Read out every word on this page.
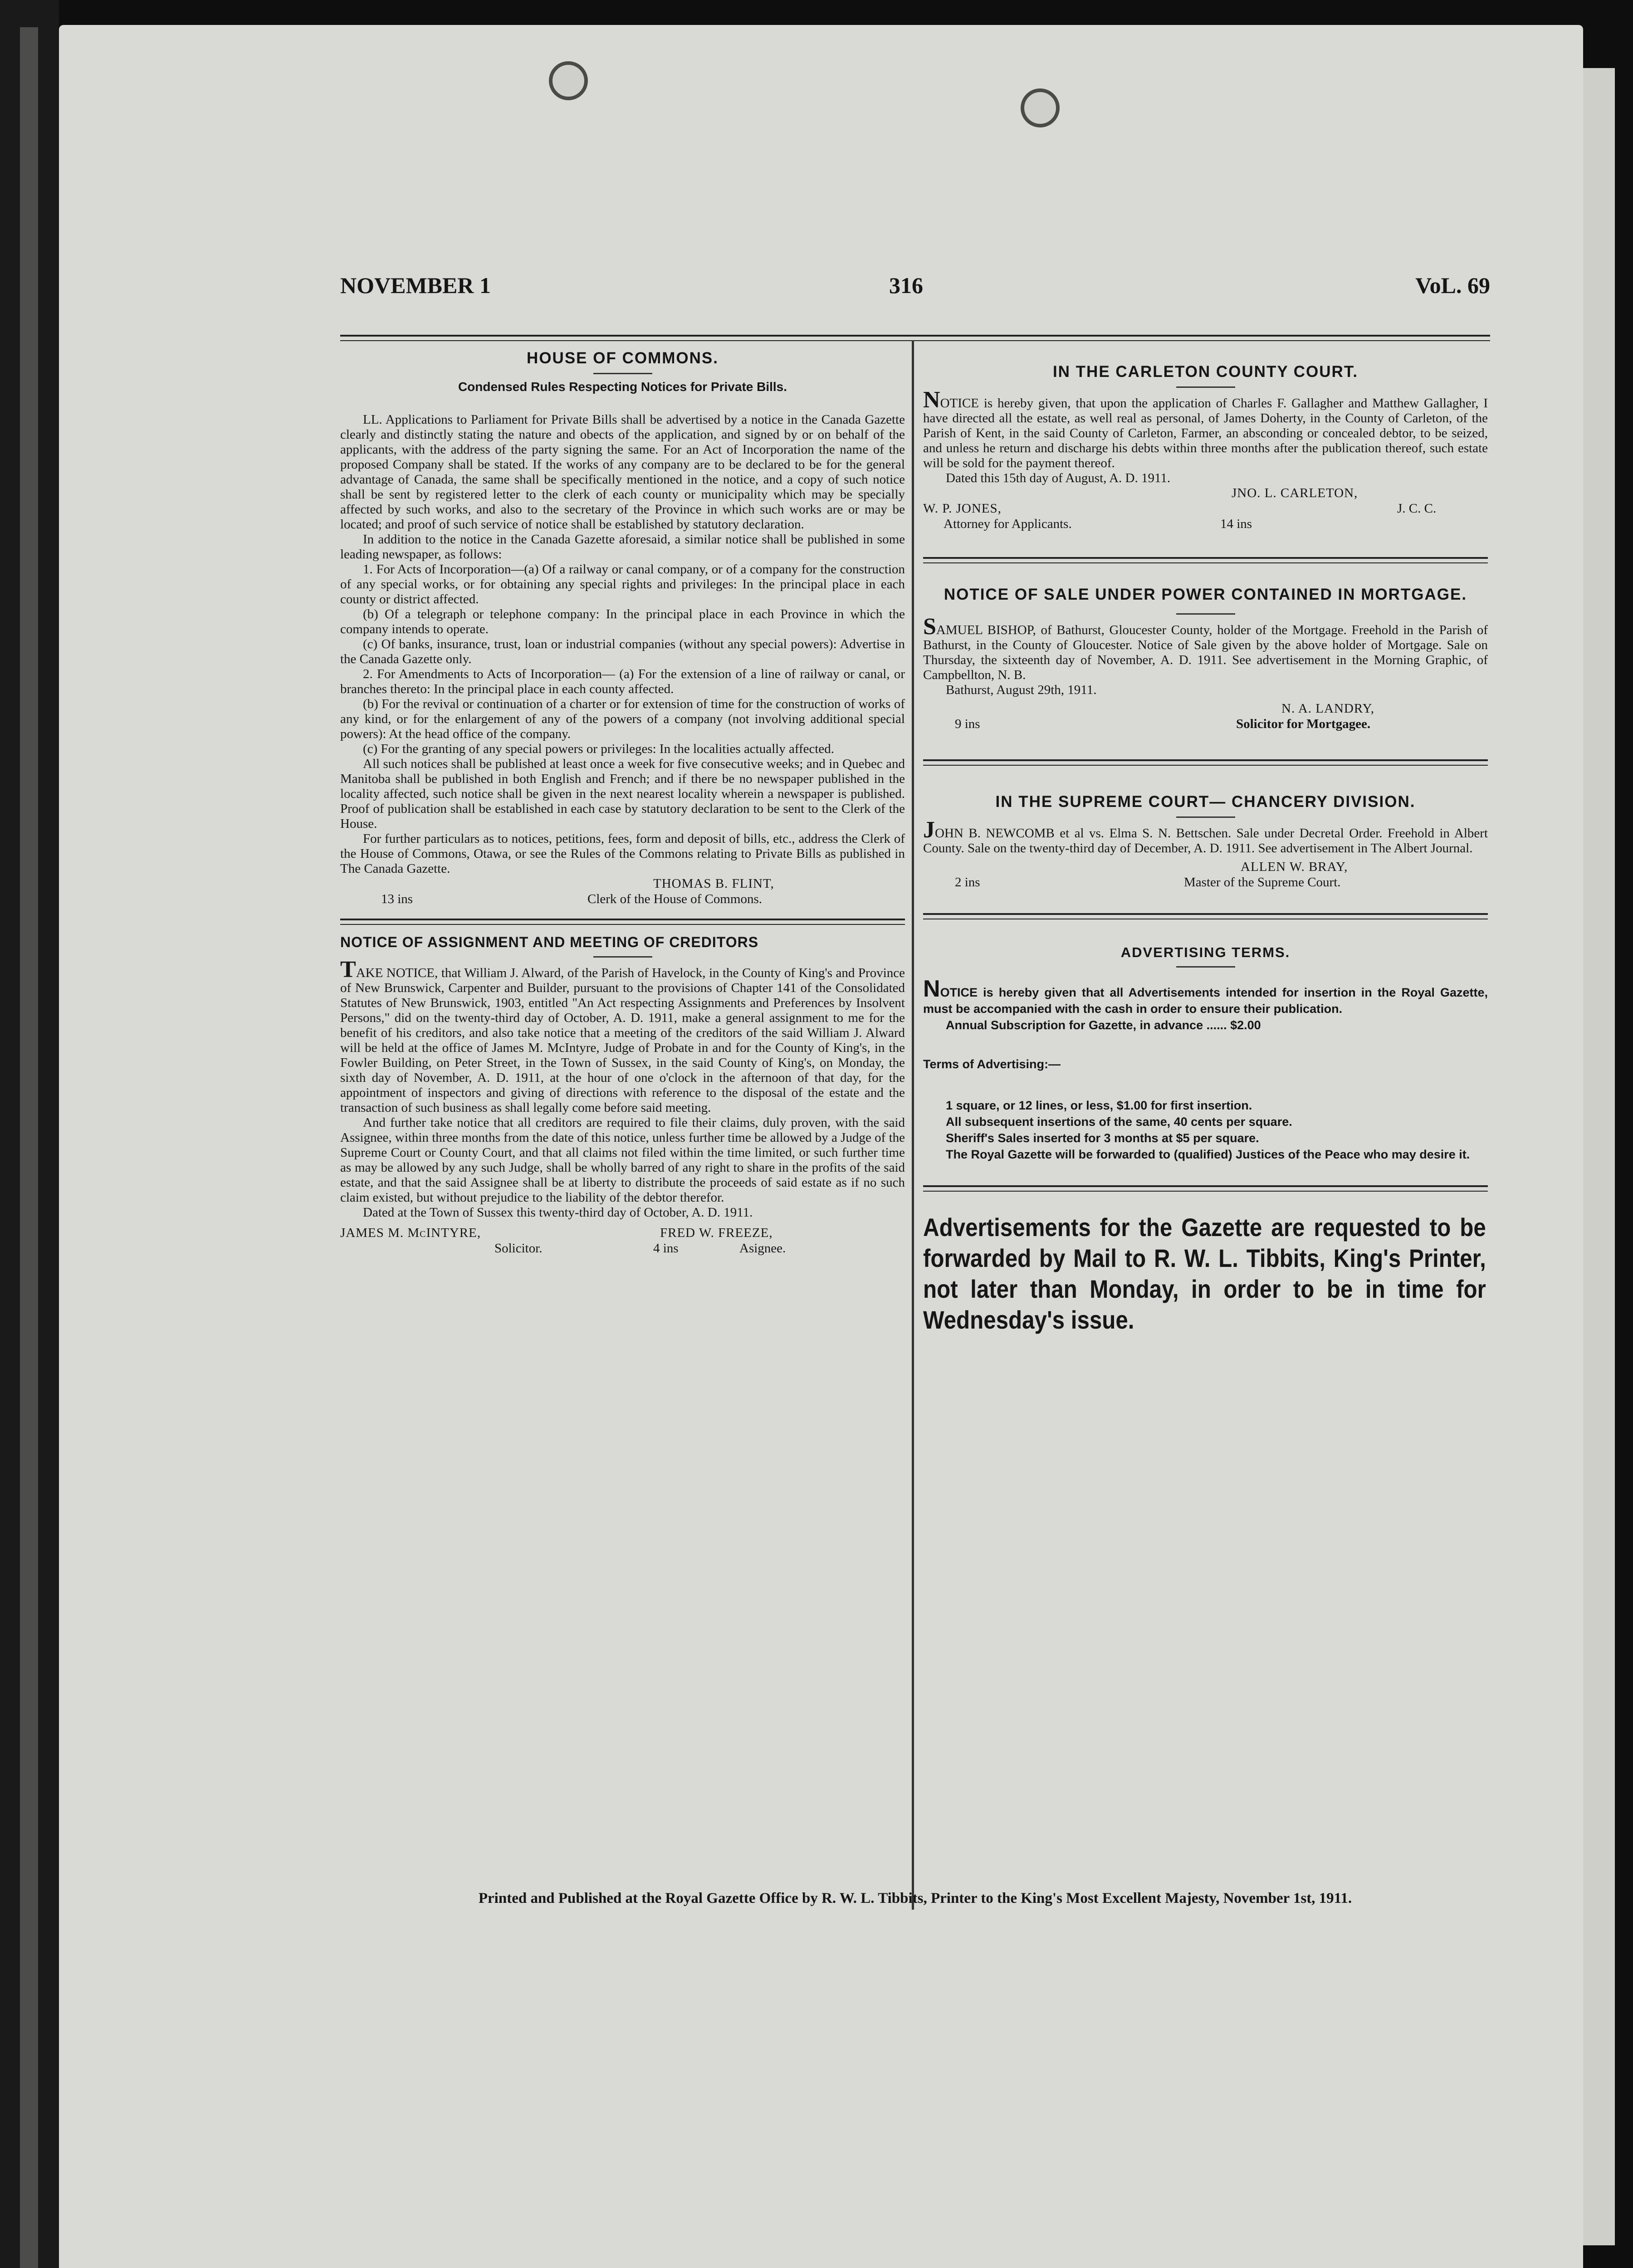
NOVEMBER 1	316	VoL. 69

HOUSE OF COMMONS.

Condensed Rules Respecting Notices for Private Bills.

LL. Applications to Parliament for Private Bills shall be advertised by a notice in the Canada Gazette clearly and distinctly stating the nature and obects of the application, and signed by or on behalf of the applicants, with the address of the party signing the same. For an Act of Incorporation the name of the proposed Company shall be stated. If the works of any company are to be declared to be for the general advantage of Canada, the same shall be specifically mentioned in the notice, and a copy of such notice shall be sent by registered letter to the clerk of each county or municipality which may be specially affected by such works, and also to the secretary of the Province in which such works are or may be located; and proof of such service of notice shall be established by statutory declaration.

In addition to the notice in the Canada Gazette aforesaid, a similar notice shall be published in some leading newspaper, as follows:

1. For Acts of Incorporation—(a) Of a railway or canal company, or of a company for the construction of any special works, or for obtaining any special rights and privileges: In the principal place in each county or district affected.

(b) Of a telegraph or telephone company: In the principal place in each Province in which the company intends to operate.

(c) Of banks, insurance, trust, loan or industrial companies (without any special powers): Advertise in the Canada Gazette only.

2. For Amendments to Acts of Incorporation— (a) For the extension of a line of railway or canal, or branches thereto: In the principal place in each county affected.

(b) For the revival or continuation of a charter or for extension of time for the construction of works of any kind, or for the enlargement of any of the powers of a company (not involving additional special powers): At the head office of the company.

(c) For the granting of any special powers or privileges: In the localities actually affected.

All such notices shall be published at least once a week for five consecutive weeks; and in Quebec and Manitoba shall be published in both English and French; and if there be no newspaper published in the locality affected, such notice shall be given in the next nearest locality wherein a newspaper is published. Proof of publication shall be established in each case by statutory declaration to be sent to the Clerk of the House.

For further particulars as to notices, petitions, fees, form and deposit of bills, etc., address the Clerk of the House of Commons, Otawa, or see the Rules of the Commons relating to Private Bills as published in The Canada Gazette.

THOMAS B. FLINT,
13 ins	Clerk of the House of Commons.

NOTICE OF ASSIGNMENT AND MEETING OF CREDITORS

TAKE NOTICE, that William J. Alward, of the Parish of Havelock, in the County of King's and Province of New Brunswick, Carpenter and Builder, pursuant to the provisions of Chapter 141 of the Consolidated Statutes of New Brunswick, 1903, entitled "An Act respecting Assignments and Preferences by Insolvent Persons," did on the twenty-third day of October, A. D. 1911, make a general assignment to me for the benefit of his creditors, and also take notice that a meeting of the creditors of the said William J. Alward will be held at the office of James M. McIntyre, Judge of Probate in and for the County of King's, in the Fowler Building, on Peter Street, in the Town of Sussex, in the said County of King's, on Monday, the sixth day of November, A. D. 1911, at the hour of one o'clock in the afternoon of that day, for the appointment of inspectors and giving of directions with reference to the disposal of the estate and the transaction of such business as shall legally come before said meeting.

And further take notice that all creditors are required to file their claims, duly proven, with the said Assignee, within three months from the date of this notice, unless further time be allowed by a Judge of the Supreme Court or County Court, and that all claims not filed within the time limited, or such further time as may be allowed by any such Judge, shall be wholly barred of any right to share in the profits of the said estate, and that the said Assignee shall be at liberty to distribute the proceeds of said estate as if no such claim existed, but without prejudice to the liability of the debtor therefor.

Dated at the Town of Sussex this twenty-third day of October, A. D. 1911.

JAMES M. McINTYRE,	FRED W. FREEZE,
Solicitor.	4 ins	Asignee.

IN THE CARLETON COUNTY COURT.

NOTICE is hereby given, that upon the application of Charles F. Gallagher and Matthew Gallagher, I have directed all the estate, as well real as personal, of James Doherty, in the County of Carleton, of the Parish of Kent, in the said County of Carleton, Farmer, an absconding or concealed debtor, to be seized, and unless he return and discharge his debts within three months after the publication thereof, such estate will be sold for the payment thereof.

Dated this 15th day of August, A. D. 1911.

JNO. L. CARLETON,
W. P. JONES,	J. C. C.
Attorney for Applicants.	14 ins

NOTICE OF SALE UNDER POWER CONTAINED IN MORTGAGE.

SAMUEL BISHOP, of Bathurst, Gloucester County, holder of the Mortgage. Freehold in the Parish of Bathurst, in the County of Gloucester. Notice of Sale given by the above holder of Mortgage. Sale on Thursday, the sixteenth day of November, A. D. 1911. See advertisement in the Morning Graphic, of Campbellton, N. B.

Bathurst, August 29th, 1911.

N. A. LANDRY,
9 ins	Solicitor for Mortgagee.

IN THE SUPREME COURT— CHANCERY DIVISION.

JOHN B. NEWCOMB et al vs. Elma S. N. Bettschen. Sale under Decretal Order. Freehold in Albert County. Sale on the twenty-third day of December, A. D. 1911. See advertisement in The Albert Journal.

ALLEN W. BRAY,
2 ins	Master of the Supreme Court.

ADVERTISING TERMS.

NOTICE is hereby given that all Advertisements intended for insertion in the Royal Gazette, must be accompanied with the cash in order to ensure their publication.

Annual Subscription for Gazette, in advance ...... $2.00

Terms of Advertising:—

1 square, or 12 lines, or less, $1.00 for first insertion.

All subsequent insertions of the same, 40 cents per square.

Sheriff's Sales inserted for 3 months at $5 per square.

The Royal Gazette will be forwarded to (qualified) Justices of the Peace who may desire it.

Advertisements for the Gazette are requested to be forwarded by Mail to R. W. L. Tibbits, King's Printer, not later than Monday, in order to be in time for Wednesday's issue.

Printed and Published at the Royal Gazette Office by R. W. L. Tibbits, Printer to the King's Most Excellent Majesty, November 1st, 1911.
